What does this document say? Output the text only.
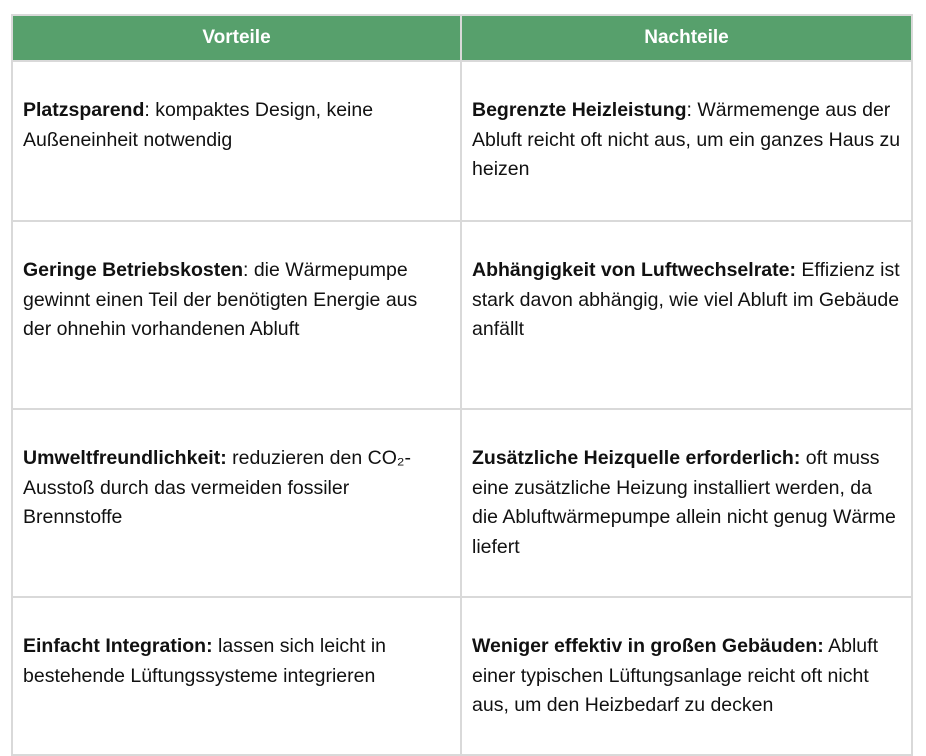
Vorteile	Nachteile
Platzsparend: kompaktes Design, keine Außeneinheit notwendig	Begrenzte Heizleistung: Wärmemenge aus der Abluft reicht oft nicht aus, um ein ganzes Haus zu heizen
Geringe Betriebskosten: die Wärmepumpe gewinnt einen Teil der benötigten Energie aus der ohnehin vorhandenen Abluft	Abhängigkeit von Luftwechselrate: Effizienz ist stark davon abhängig, wie viel Abluft im Gebäude anfällt
Umweltfreundlichkeit: reduzieren den CO₂-Ausstoß durch das vermeiden fossiler Brennstoffe	Zusätzliche Heizquelle erforderlich: oft muss eine zusätzliche Heizung installiert werden, da die Abluftwärmepumpe allein nicht genug Wärme liefert
Einfacht Integration: lassen sich leicht in bestehende Lüftungssysteme integrieren	Weniger effektiv in großen Gebäuden: Abluft einer typischen Lüftungsanlage reicht oft nicht aus, um den Heizbedarf zu decken
